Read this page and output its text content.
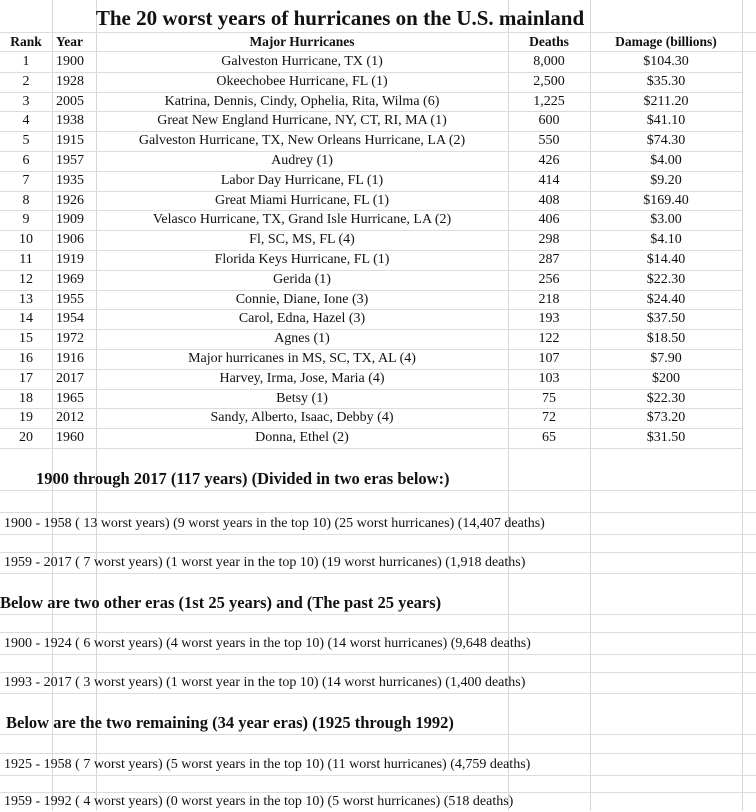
The 20 worst years of hurricanes on the U.S. mainland
Rank	Year	Major Hurricanes	Deaths	Damage (billions)
1	1900	Galveston Hurricane, TX (1)	8,000	$104.30
2	1928	Okeechobee Hurricane, FL (1)	2,500	$35.30
3	2005	Katrina, Dennis, Cindy, Ophelia, Rita, Wilma (6)	1,225	$211.20
4	1938	Great New England Hurricane, NY, CT, RI, MA (1)	600	$41.10
5	1915	Galveston Hurricane, TX, New Orleans Hurricane, LA (2)	550	$74.30
6	1957	Audrey (1)	426	$4.00
7	1935	Labor Day Hurricane, FL (1)	414	$9.20
8	1926	Great Miami Hurricane, FL (1)	408	$169.40
9	1909	Velasco Hurricane, TX, Grand Isle Hurricane, LA (2)	406	$3.00
10	1906	Fl, SC, MS, FL (4)	298	$4.10
11	1919	Florida Keys Hurricane, FL (1)	287	$14.40
12	1969	Gerida (1)	256	$22.30
13	1955	Connie, Diane, Ione (3)	218	$24.40
14	1954	Carol, Edna, Hazel (3)	193	$37.50
15	1972	Agnes (1)	122	$18.50
16	1916	Major hurricanes in MS, SC, TX, AL (4)	107	$7.90
17	2017	Harvey, Irma, Jose, Maria (4)	103	$200
18	1965	Betsy (1)	75	$22.30
19	2012	Sandy, Alberto, Isaac, Debby (4)	72	$73.20
20	1960	Donna, Ethel (2)	65	$31.50
1900 through 2017 (117 years) (Divided in two eras below:)
1900 - 1958 ( 13 worst years) (9 worst years in the top 10) (25 worst hurricanes) (14,407 deaths)
1959 - 2017 ( 7 worst years) (1 worst year in the top 10) (19 worst hurricanes) (1,918 deaths)
Below are two other eras (1st 25 years) and (The past 25 years)
1900 - 1924 ( 6 worst years) (4 worst years in the top 10) (14 worst hurricanes) (9,648 deaths)
1993 - 2017 ( 3 worst years) (1 worst year in the top 10) (14 worst hurricanes) (1,400 deaths)
Below are the two remaining (34 year eras) (1925 through 1992)
1925 - 1958 ( 7 worst years) (5 worst years in the top 10) (11 worst hurricanes) (4,759 deaths)
1959 - 1992 ( 4 worst years) (0 worst years in the top 10) (5 worst hurricanes) (518 deaths)
